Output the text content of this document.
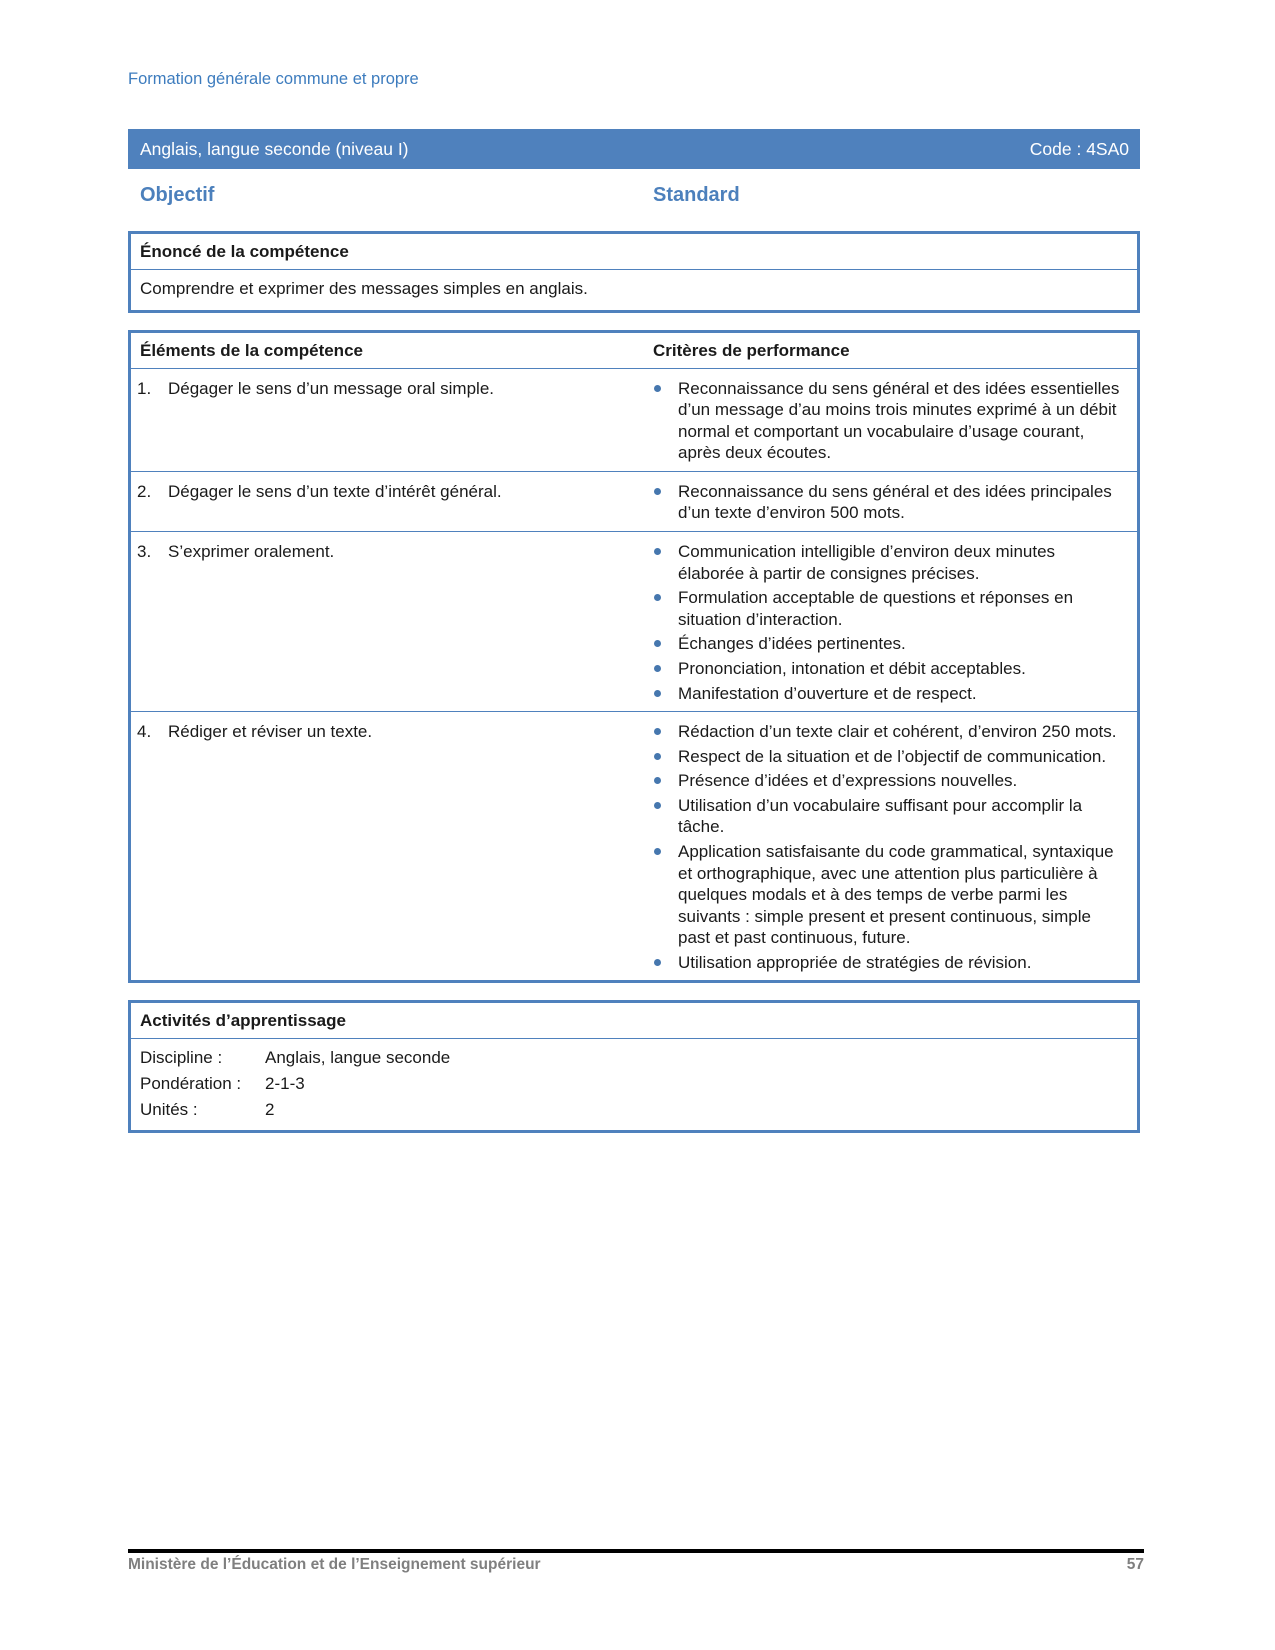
Formation générale commune et propre
Anglais, langue seconde (niveau I)	Code : 4SA0
Objectif	Standard
Énoncé de la compétence

Comprendre et exprimer des messages simples en anglais.

Éléments de la compétence	Critères de performance
1. Dégager le sens d’un message oral simple.	Reconnaissance du sens général et des idées essentielles d’un message d’au moins trois minutes exprimé à un débit normal et comportant un vocabulaire d’usage courant, après deux écoutes.
2. Dégager le sens d’un texte d’intérêt général.	Reconnaissance du sens général et des idées principales d’un texte d’environ 500 mots.
3. S’exprimer oralement.	Communication intelligible d’environ deux minutes élaborée à partir de consignes précises.
Formulation acceptable de questions et réponses en situation d’interaction.
Échanges d’idées pertinentes.
Prononciation, intonation et débit acceptables.
Manifestation d’ouverture et de respect.
4. Rédiger et réviser un texte.	Rédaction d’un texte clair et cohérent, d’environ 250 mots.
Respect de la situation et de l’objectif de communication.
Présence d’idées et d’expressions nouvelles.
Utilisation d’un vocabulaire suffisant pour accomplir la tâche.
Application satisfaisante du code grammatical, syntaxique et orthographique, avec une attention plus particulière à quelques modals et à des temps de verbe parmi les suivants : simple present et present continuous, simple past et past continuous, future.
Utilisation appropriée de stratégies de révision.
Activités d’apprentissage
Discipline :	Anglais, langue seconde
Pondération :	2-1-3
Unités :	2
Ministère de l’Éducation et de l’Enseignement supérieur	57
